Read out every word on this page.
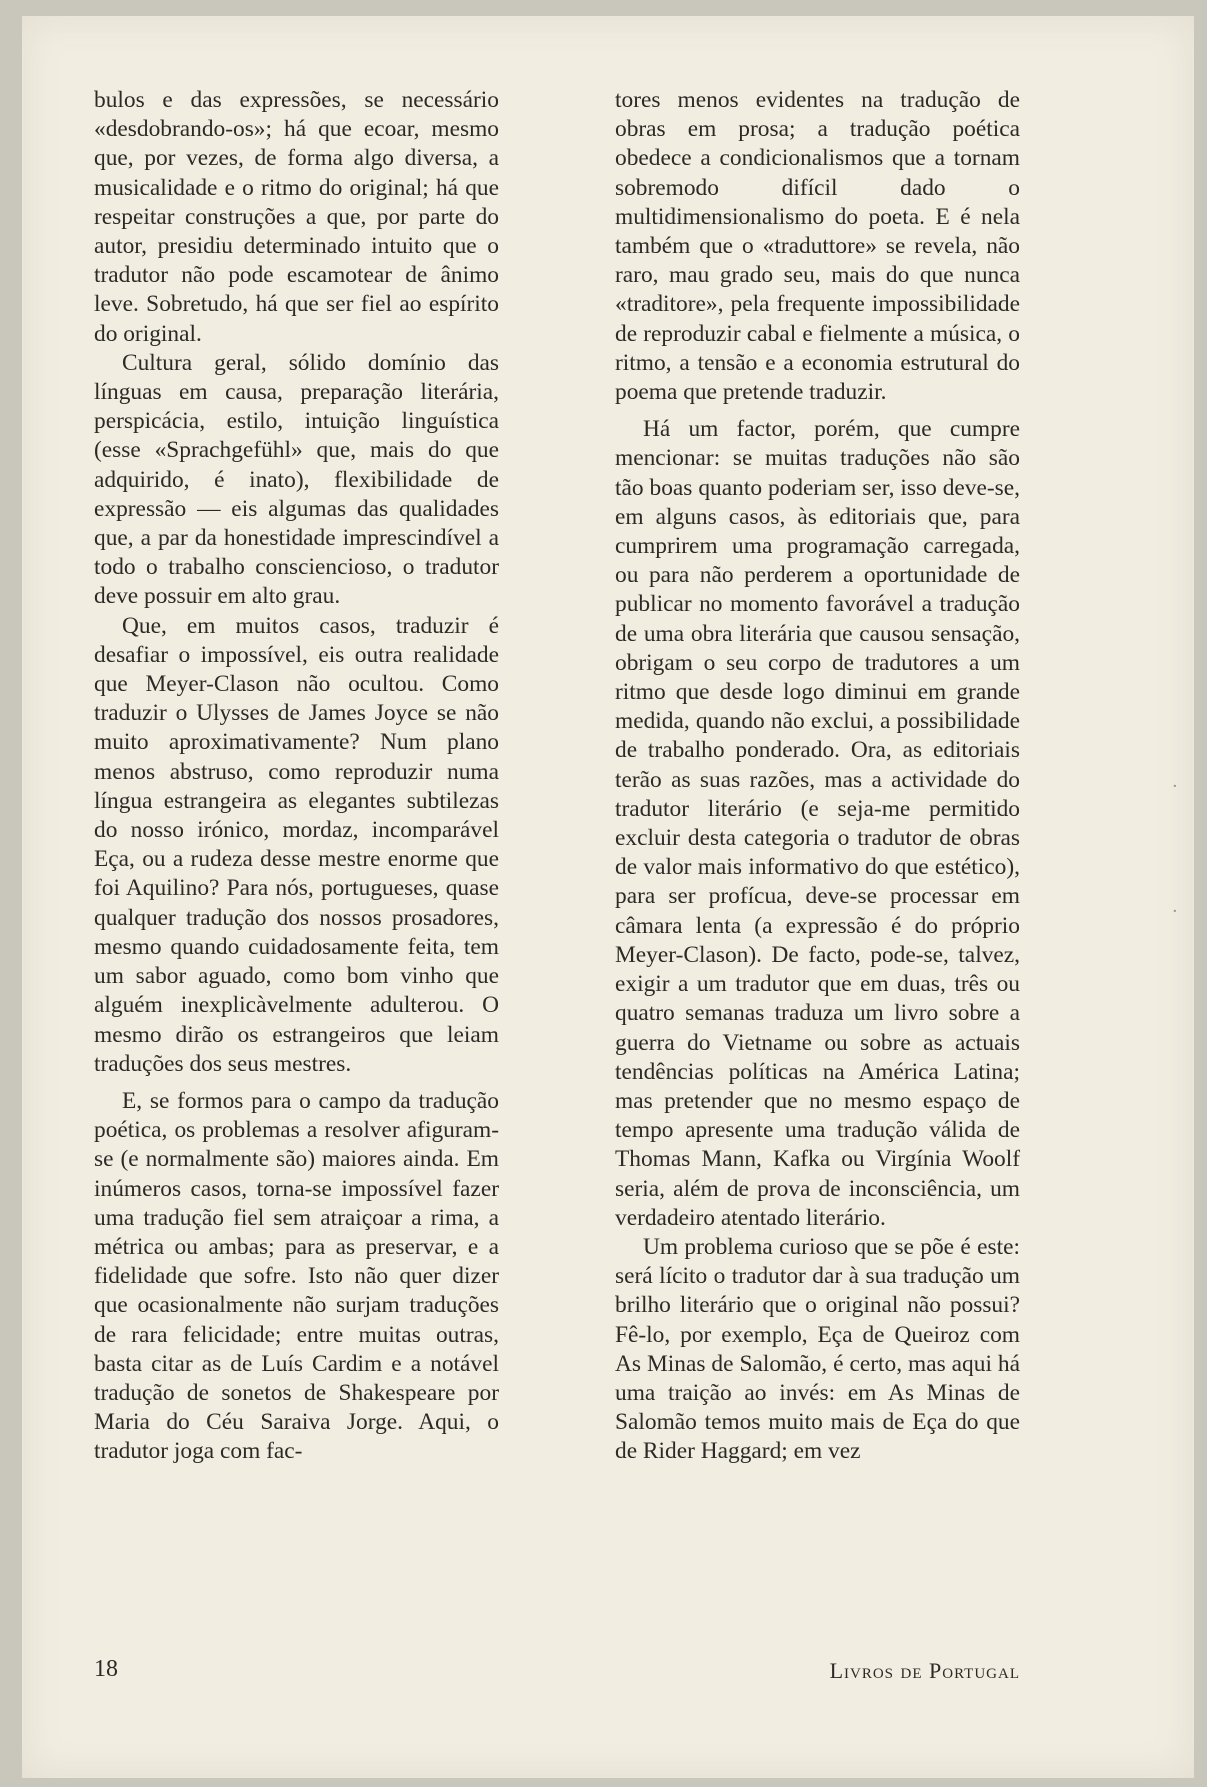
bulos e das expressões, se necessário «desdobrando-os»; há que ecoar, mesmo que, por vezes, de forma algo diversa, a musicalidade e o ritmo do original; há que respeitar construções a que, por parte do autor, presidiu determinado intuito que o tradutor não pode escamotear de ânimo leve. Sobretudo, há que ser fiel ao espírito do original.

Cultura geral, sólido domínio das línguas em causa, preparação literária, perspicácia, estilo, intuição linguística (esse «Sprachgefühl» que, mais do que adquirido, é inato), flexibilidade de expressão — eis algumas das qualidades que, a par da honestidade imprescindível a todo o trabalho consciencioso, o tradutor deve possuir em alto grau.

Que, em muitos casos, traduzir é desafiar o impossível, eis outra realidade que Meyer-Clason não ocultou. Como traduzir o Ulysses de James Joyce se não muito aproximativamente? Num plano menos abstruso, como reproduzir numa língua estrangeira as elegantes subtilezas do nosso irónico, mordaz, incomparável Eça, ou a rudeza desse mestre enorme que foi Aquilino? Para nós, portugueses, quase qualquer tradução dos nossos prosadores, mesmo quando cuidadosamente feita, tem um sabor aguado, como bom vinho que alguém inexplicàvelmente adulterou. O mesmo dirão os estrangeiros que leiam traduções dos seus mestres.

E, se formos para o campo da tradução poética, os problemas a resolver afiguram-se (e normalmente são) maiores ainda. Em inúmeros casos, torna-se impossível fazer uma tradução fiel sem atraiçoar a rima, a métrica ou ambas; para as preservar, e a fidelidade que sofre. Isto não quer dizer que ocasionalmente não surjam traduções de rara felicidade; entre muitas outras, basta citar as de Luís Cardim e a notável tradução de sonetos de Shakespeare por Maria do Céu Saraiva Jorge. Aqui, o tradutor joga com fac-

tores menos evidentes na tradução de obras em prosa; a tradução poética obedece a condicionalismos que a tornam sobremodo difícil dado o multidimensionalismo do poeta. E é nela também que o «traduttore» se revela, não raro, mau grado seu, mais do que nunca «traditore», pela frequente impossibilidade de reproduzir cabal e fielmente a música, o ritmo, a tensão e a economia estrutural do poema que pretende traduzir.

Há um factor, porém, que cumpre mencionar: se muitas traduções não são tão boas quanto poderiam ser, isso deve-se, em alguns casos, às editoriais que, para cumprirem uma programação carregada, ou para não perderem a oportunidade de publicar no momento favorável a tradução de uma obra literária que causou sensação, obrigam o seu corpo de tradutores a um ritmo que desde logo diminui em grande medida, quando não exclui, a possibilidade de trabalho ponderado. Ora, as editoriais terão as suas razões, mas a actividade do tradutor literário (e seja-me permitido excluir desta categoria o tradutor de obras de valor mais informativo do que estético), para ser profícua, deve-se processar em câmara lenta (a expressão é do próprio Meyer-Clason). De facto, pode-se, talvez, exigir a um tradutor que em duas, três ou quatro semanas traduza um livro sobre a guerra do Vietname ou sobre as actuais tendências políticas na América Latina; mas pretender que no mesmo espaço de tempo apresente uma tradução válida de Thomas Mann, Kafka ou Virgínia Woolf seria, além de prova de inconsciência, um verdadeiro atentado literário.

Um problema curioso que se põe é este: será lícito o tradutor dar à sua tradução um brilho literário que o original não possui? Fê-lo, por exemplo, Eça de Queiroz com As Minas de Salomão, é certo, mas aqui há uma traição ao invés: em As Minas de Salomão temos muito mais de Eça do que de Rider Haggard; em vez

18	Livros de Portugal
·
·
